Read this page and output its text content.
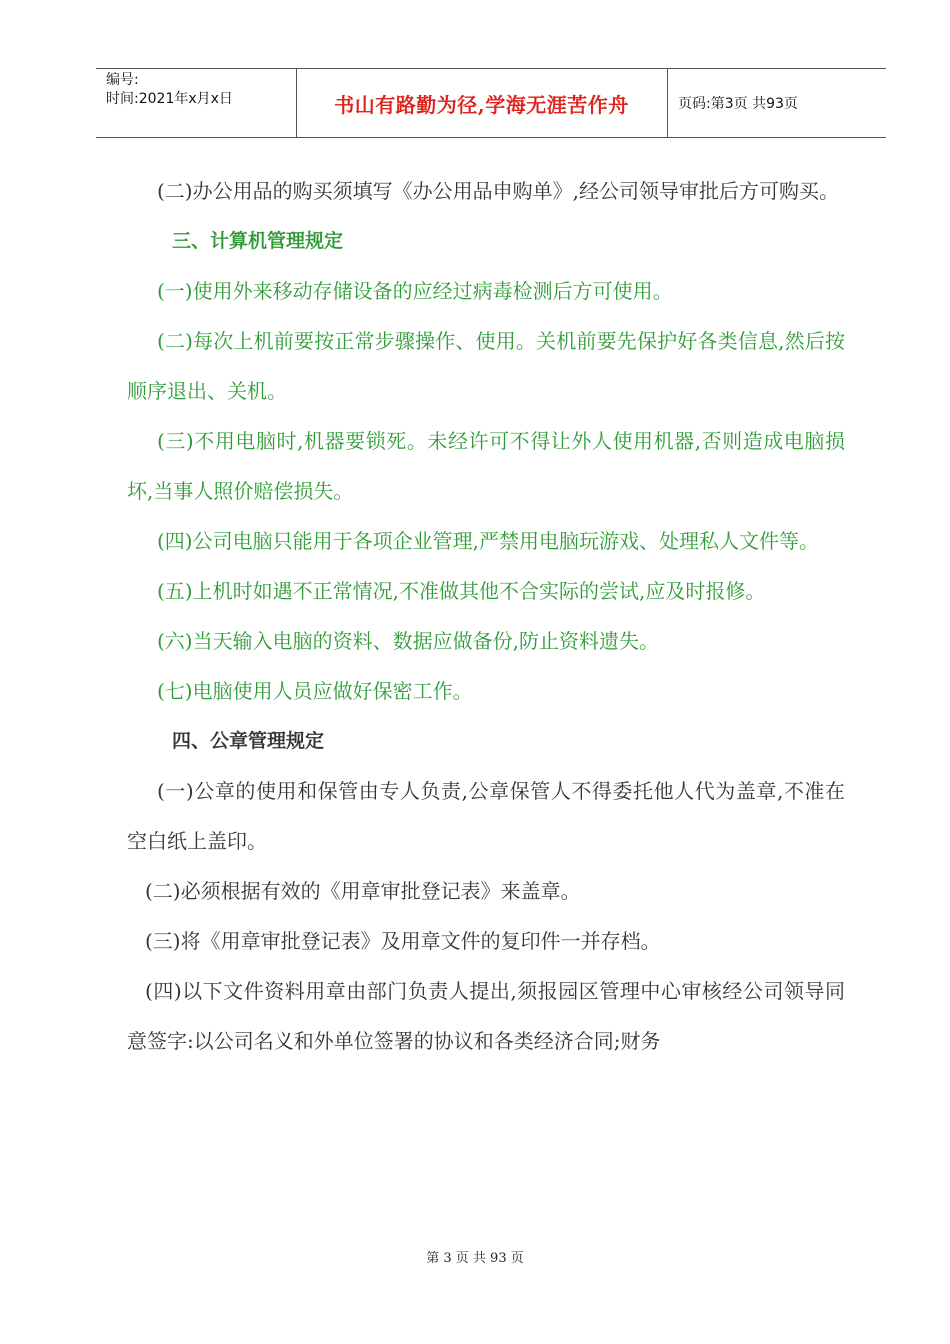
编号:
时间:2021年x月x日	书山有路勤为径,学海无涯苦作舟	页码:第3页 共93页

(二)办公用品的购买须填写《办公用品申购单》,经公司领导审批后方可购买。

三、计算机管理规定

(一)使用外来移动存储设备的应经过病毒检测后方可使用。

(二)每次上机前要按正常步骤操作、使用。关机前要先保护好各类信息,然后按顺序退出、关机。

(三)不用电脑时,机器要锁死。未经许可不得让外人使用机器,否则造成电脑损坏,当事人照价赔偿损失。

(四)公司电脑只能用于各项企业管理,严禁用电脑玩游戏、处理私人文件等。

(五)上机时如遇不正常情况,不准做其他不合实际的尝试,应及时报修。

(六)当天输入电脑的资料、数据应做备份,防止资料遗失。

(七)电脑使用人员应做好保密工作。

四、公章管理规定

(一)公章的使用和保管由专人负责,公章保管人不得委托他人代为盖章,不准在空白纸上盖印。

(二)必须根据有效的《用章审批登记表》来盖章。

(三)将《用章审批登记表》及用章文件的复印件一并存档。

(四)以下文件资料用章由部门负责人提出,须报园区管理中心审核经公司领导同意签字:以公司名义和外单位签署的协议和各类经济合同;财务

第 3 页 共 93 页
